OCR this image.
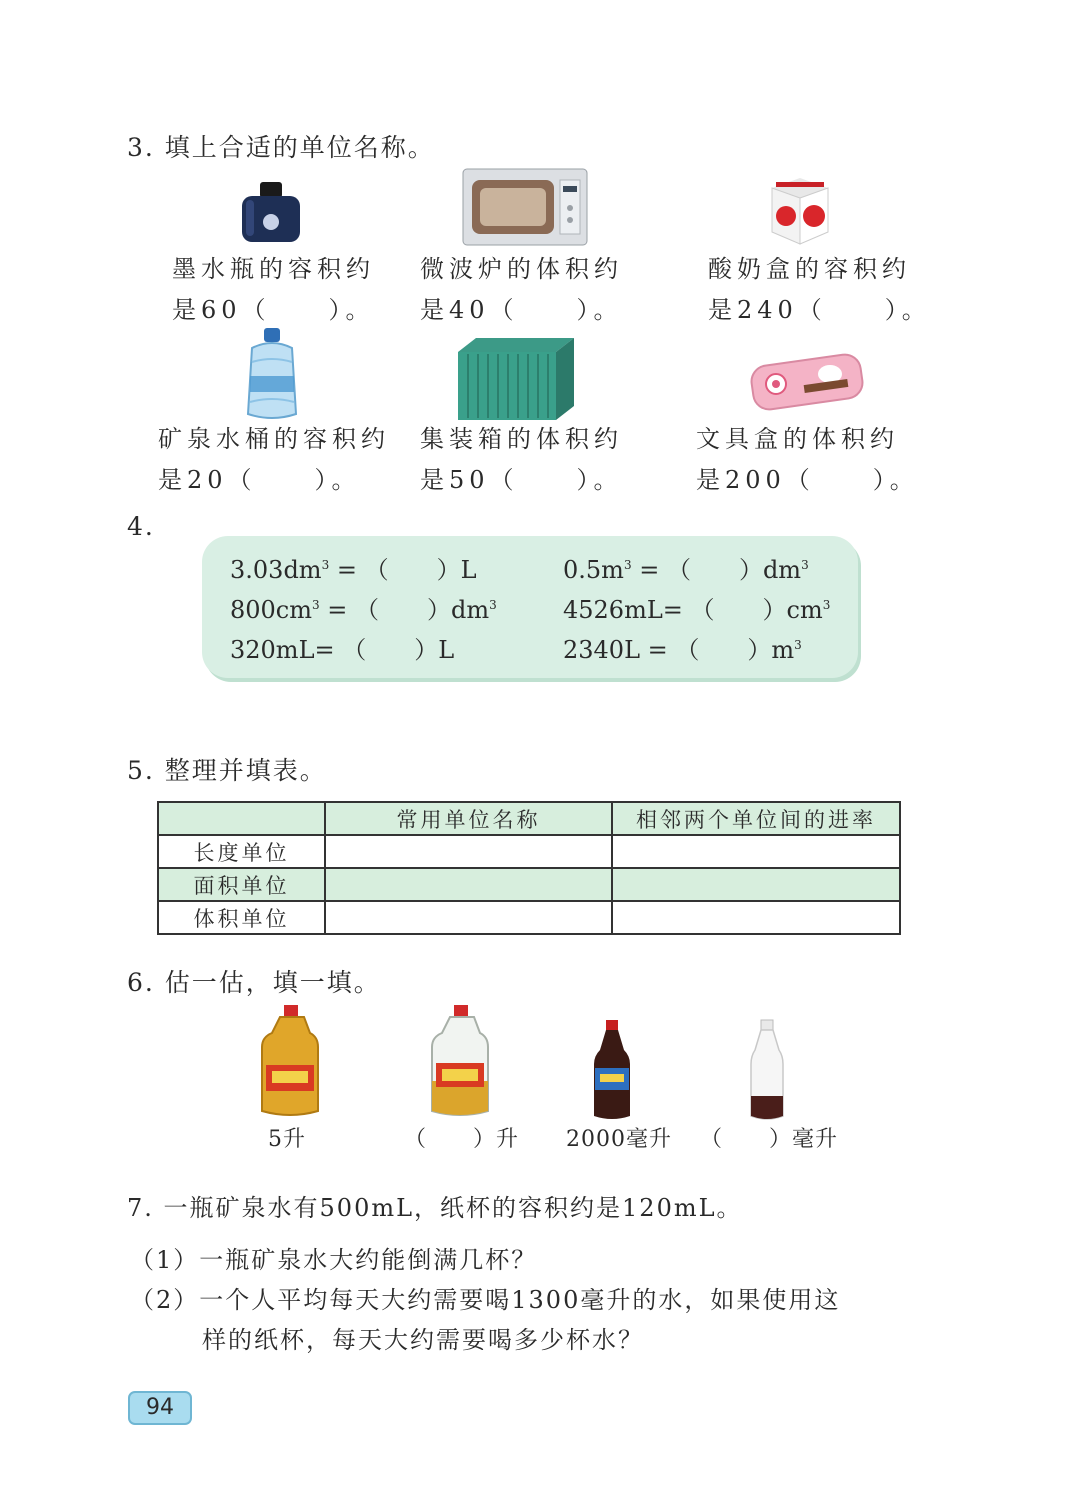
3. 填上合适的单位名称。
墨水瓶的容积约
是60（　　）。
微波炉的体积约
是40（　　）。
酸奶盒的容积约
是240（　　）。
矿泉水桶的容积约
是20（　　）。
集装箱的体积约
是50（　　）。
文具盒的体积约
是200（　　）。
4.
$3.03dm^3$ = （　　）L	$0.5m^3$ = （　　）$dm^3$
$800cm^3$ = （　　）$dm^3$	4526mL= （　　）$cm^3$
320mL= （　　）L	2340L = （　　）$m^3$
5. 整理并填表。
	常用单位名称	相邻两个单位间的进率
长度单位		
面积单位		
体积单位		
6. 估一估，填一填。
5升	（　　）升 2000毫升 （　　）毫升
7. 一瓶矿泉水有500mL，纸杯的容积约是120mL。
（1）一瓶矿泉水大约能倒满几杯？
（2）一个人平均每天大约需要喝1300毫升的水，如果使用这
样的纸杯，每天大约需要喝多少杯水？
94
